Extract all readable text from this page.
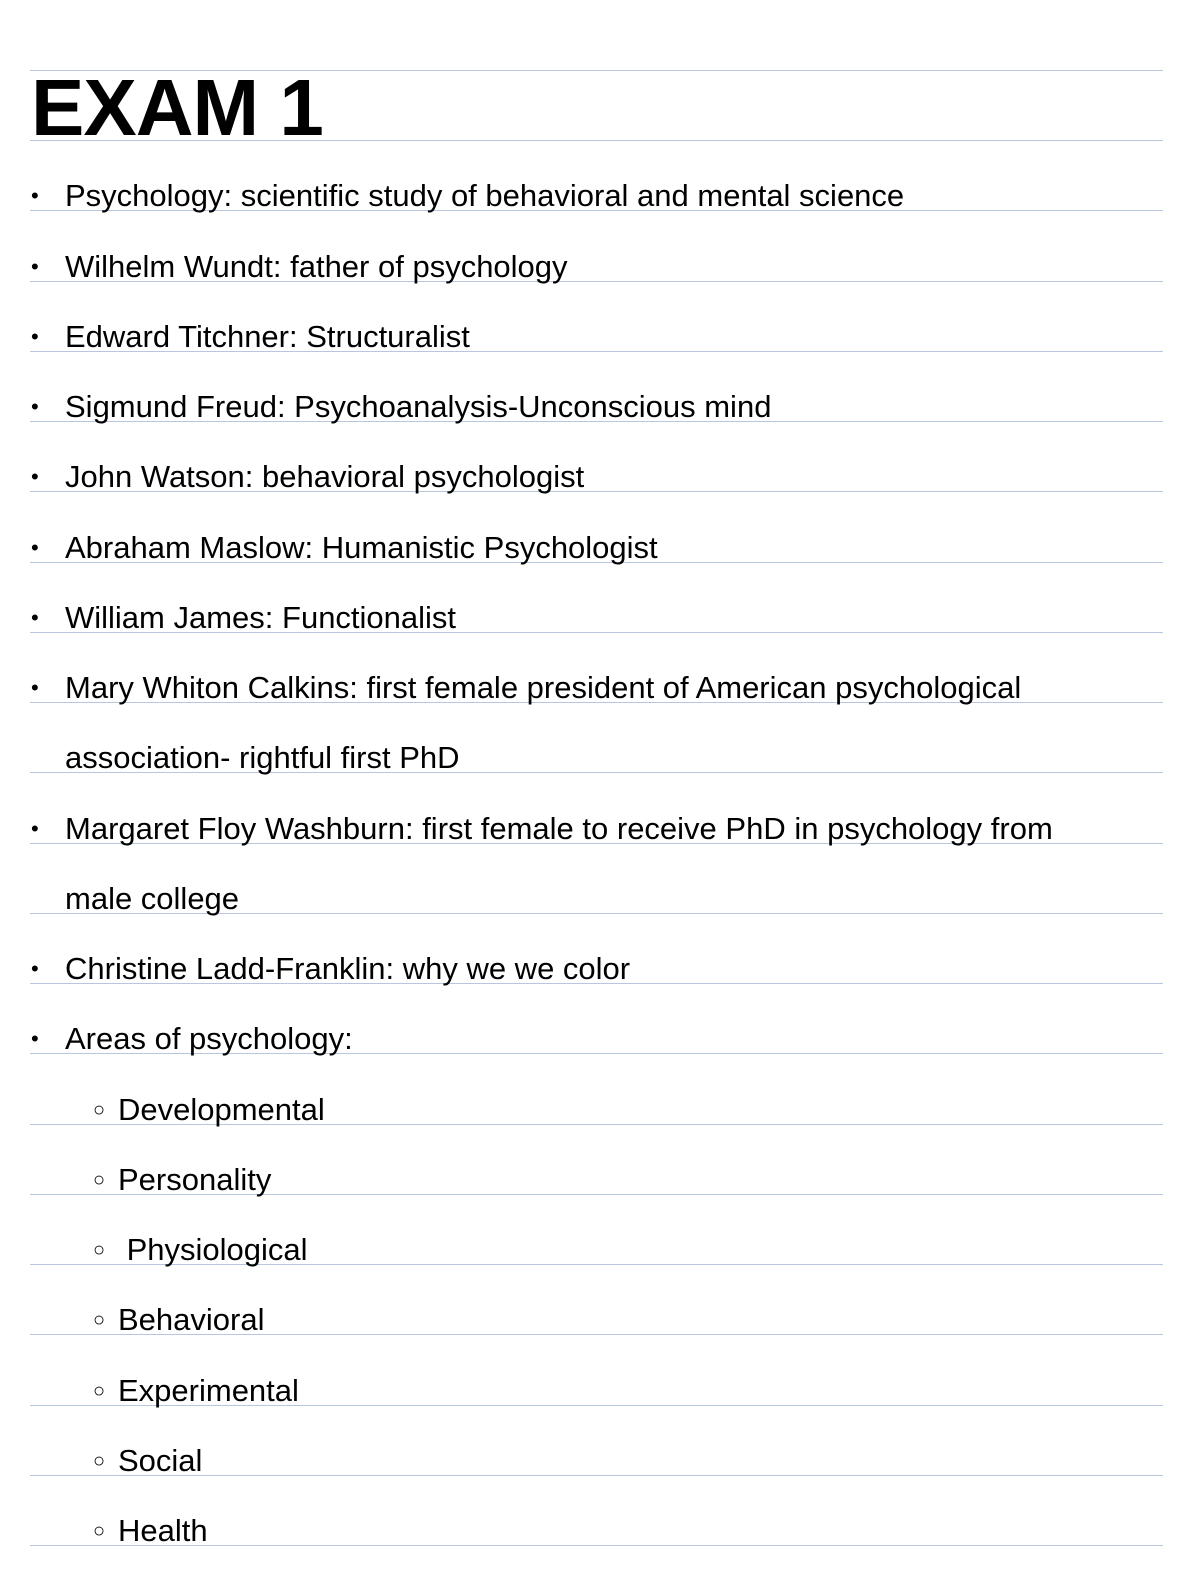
EXAM 1
• Psychology: scientific study of behavioral and mental science
• Wilhelm Wundt: father of psychology
• Edward Titchner: Structuralist
• Sigmund Freud: Psychoanalysis-Unconscious mind
• John Watson: behavioral psychologist
• Abraham Maslow: Humanistic Psychologist
• William James: Functionalist
• Mary Whiton Calkins: first female president of American psychological
association- rightful first PhD
• Margaret Floy Washburn: first female to receive PhD in psychology from
male college
• Christine Ladd-Franklin: why we we color
• Areas of psychology:
○ Developmental
○ Personality
○ Physiological
○ Behavioral
○ Experimental
○ Social
○ Health
